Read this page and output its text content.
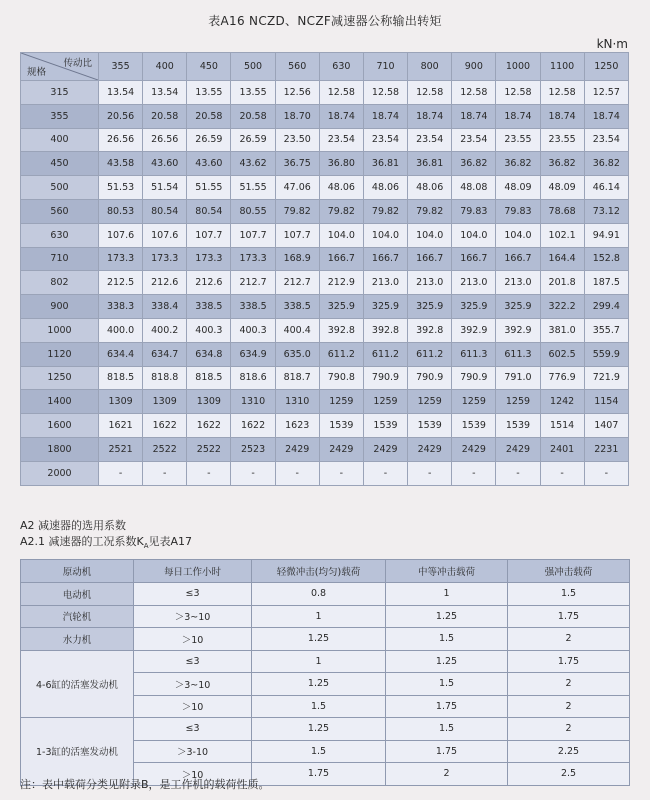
表A16 NCZD、NCZF减速器公称输出转矩
kN·m
传动比
规格	355	400	450	500	560	630	710	800	900	1000	1100	1250
315	13.54	13.54	13.55	13.55	12.56	12.58	12.58	12.58	12.58	12.58	12.58	12.57
355	20.56	20.58	20.58	20.58	18.70	18.74	18.74	18.74	18.74	18.74	18.74	18.74
400	26.56	26.56	26.59	26.59	23.50	23.54	23.54	23.54	23.54	23.55	23.55	23.54
450	43.58	43.60	43.60	43.62	36.75	36.80	36.81	36.81	36.82	36.82	36.82	36.82
500	51.53	51.54	51.55	51.55	47.06	48.06	48.06	48.06	48.08	48.09	48.09	46.14
560	80.53	80.54	80.54	80.55	79.82	79.82	79.82	79.82	79.83	79.83	78.68	73.12
630	107.6	107.6	107.7	107.7	107.7	104.0	104.0	104.0	104.0	104.0	102.1	94.91
710	173.3	173.3	173.3	173.3	168.9	166.7	166.7	166.7	166.7	166.7	164.4	152.8
802	212.5	212.6	212.6	212.7	212.7	212.9	213.0	213.0	213.0	213.0	201.8	187.5
900	338.3	338.4	338.5	338.5	338.5	325.9	325.9	325.9	325.9	325.9	322.2	299.4
1000	400.0	400.2	400.3	400.3	400.4	392.8	392.8	392.8	392.9	392.9	381.0	355.7
1120	634.4	634.7	634.8	634.9	635.0	611.2	611.2	611.2	611.3	611.3	602.5	559.9
1250	818.5	818.8	818.5	818.6	818.7	790.8	790.9	790.9	790.9	791.0	776.9	721.9
1400	1309	1309	1309	1310	1310	1259	1259	1259	1259	1259	1242	1154
1600	1621	1622	1622	1622	1623	1539	1539	1539	1539	1539	1514	1407
1800	2521	2522	2522	2523	2429	2429	2429	2429	2429	2429	2401	2231
2000	-	-	-	-	-	-	-	-	-	-	-	-
A2 减速器的选用系数
A2.1 减速器的工况系数$K_A$见表A17
原动机	每日工作小时	轻微冲击(均匀)载荷	中等冲击载荷	强冲击载荷
电动机	≤3	0.8	1	1.5
汽轮机	＞3~10	1	1.25	1.75
水力机	＞10	1.25	1.5	2
4-6缸的活塞发动机	≤3	1	1.25	1.75
	＞3~10	1.25	1.5	2
	＞10	1.5	1.75	2
1-3缸的活塞发动机	≤3	1.25	1.5	2
	＞3-10	1.5	1.75	2.25
	＞10	1.75	2	2.5
注：表中载荷分类见附录B，是工作机的载荷性质。
